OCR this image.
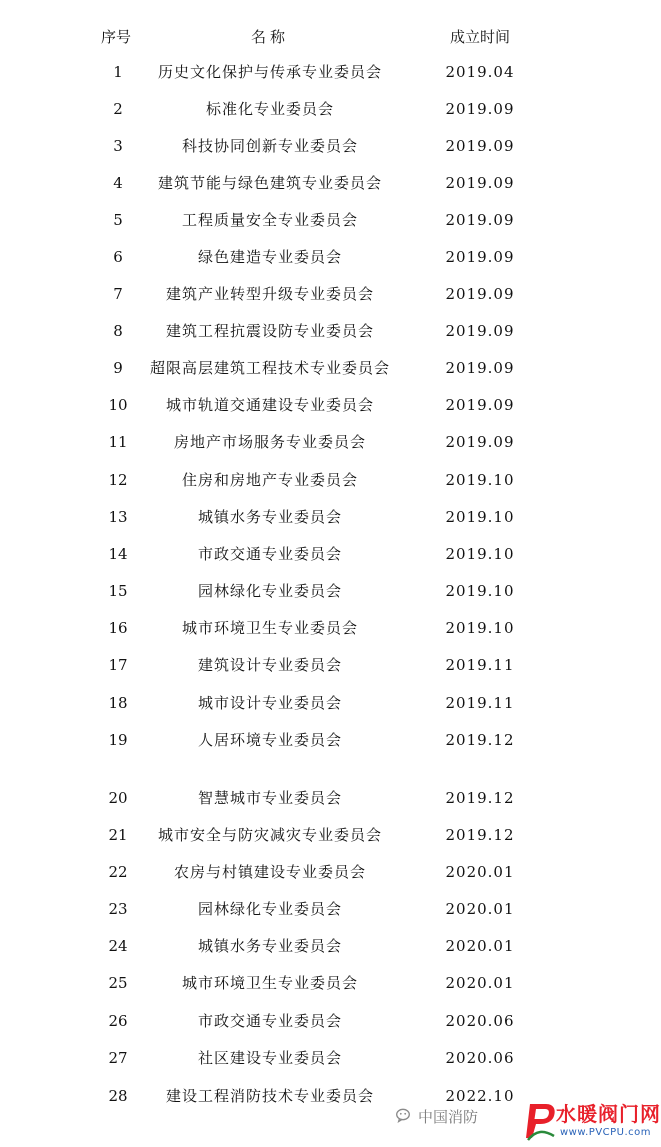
序号	名称	成立时间
1	历史文化保护与传承专业委员会	2019.04
2	标准化专业委员会	2019.09
3	科技协同创新专业委员会	2019.09
4	建筑节能与绿色建筑专业委员会	2019.09
5	工程质量安全专业委员会	2019.09
6	绿色建造专业委员会	2019.09
7	建筑产业转型升级专业委员会	2019.09
8	建筑工程抗震设防专业委员会	2019.09
9	超限高层建筑工程技术专业委员会	2019.09
10	城市轨道交通建设专业委员会	2019.09
11	房地产市场服务专业委员会	2019.09
12	住房和房地产专业委员会	2019.10
13	城镇水务专业委员会	2019.10
14	市政交通专业委员会	2019.10
15	园林绿化专业委员会	2019.10
16	城市环境卫生专业委员会	2019.10
17	建筑设计专业委员会	2019.11
18	城市设计专业委员会	2019.11
19	人居环境专业委员会	2019.12
20	智慧城市专业委员会	2019.12
21	城市安全与防灾减灾专业委员会	2019.12
22	农房与村镇建设专业委员会	2020.01
23	园林绿化专业委员会	2020.01
24	城镇水务专业委员会	2020.01
25	城市环境卫生专业委员会	2020.01
26	市政交通专业委员会	2020.06
27	社区建设专业委员会	2020.06
28	建设工程消防技术专业委员会	2022.10
中国消防	水暖阀门网
www.PVCPU.com
